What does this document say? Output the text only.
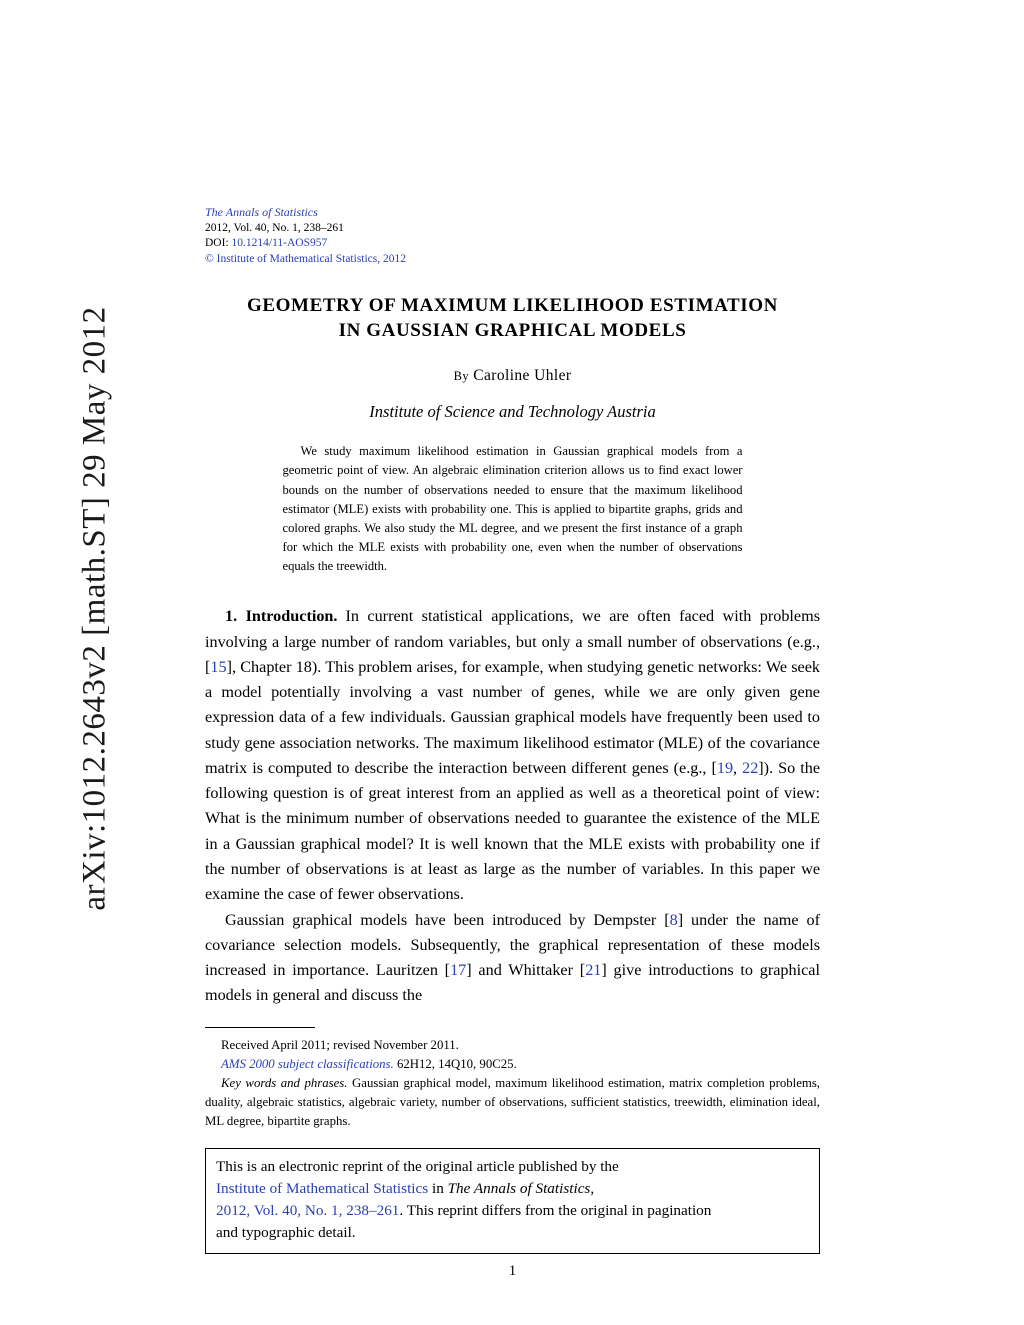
arXiv:1012.2643v2 [math.ST] 29 May 2012
The Annals of Statistics
2012, Vol. 40, No. 1, 238–261
DOI: 10.1214/11-AOS957
© Institute of Mathematical Statistics, 2012
GEOMETRY OF MAXIMUM LIKELIHOOD ESTIMATION
IN GAUSSIAN GRAPHICAL MODELS
By Caroline Uhler
Institute of Science and Technology Austria
We study maximum likelihood estimation in Gaussian graphical models from a geometric point of view. An algebraic elimination criterion allows us to find exact lower bounds on the number of observations needed to ensure that the maximum likelihood estimator (MLE) exists with probability one. This is applied to bipartite graphs, grids and colored graphs. We also study the ML degree, and we present the first instance of a graph for which the MLE exists with probability one, even when the number of observations equals the treewidth.

1. Introduction. In current statistical applications, we are often faced with problems involving a large number of random variables, but only a small number of observations (e.g., [15], Chapter 18). This problem arises, for example, when studying genetic networks: We seek a model potentially involving a vast number of genes, while we are only given gene expression data of a few individuals. Gaussian graphical models have frequently been used to study gene association networks. The maximum likelihood estimator (MLE) of the covariance matrix is computed to describe the interaction between different genes (e.g., [19, 22]). So the following question is of great interest from an applied as well as a theoretical point of view: What is the minimum number of observations needed to guarantee the existence of the MLE in a Gaussian graphical model? It is well known that the MLE exists with probability one if the number of observations is at least as large as the number of variables. In this paper we examine the case of fewer observations.

Gaussian graphical models have been introduced by Dempster [8] under the name of covariance selection models. Subsequently, the graphical representation of these models increased in importance. Lauritzen [17] and Whittaker [21] give introductions to graphical models in general and discuss the

Received April 2011; revised November 2011.
AMS 2000 subject classifications. 62H12, 14Q10, 90C25.
Key words and phrases. Gaussian graphical model, maximum likelihood estimation, matrix completion problems, duality, algebraic statistics, algebraic variety, number of observations, sufficient statistics, treewidth, elimination ideal, ML degree, bipartite graphs.
This is an electronic reprint of the original article published by the
Institute of Mathematical Statistics in The Annals of Statistics,
2012, Vol. 40, No. 1, 238–261. This reprint differs from the original in pagination
and typographic detail.
1
